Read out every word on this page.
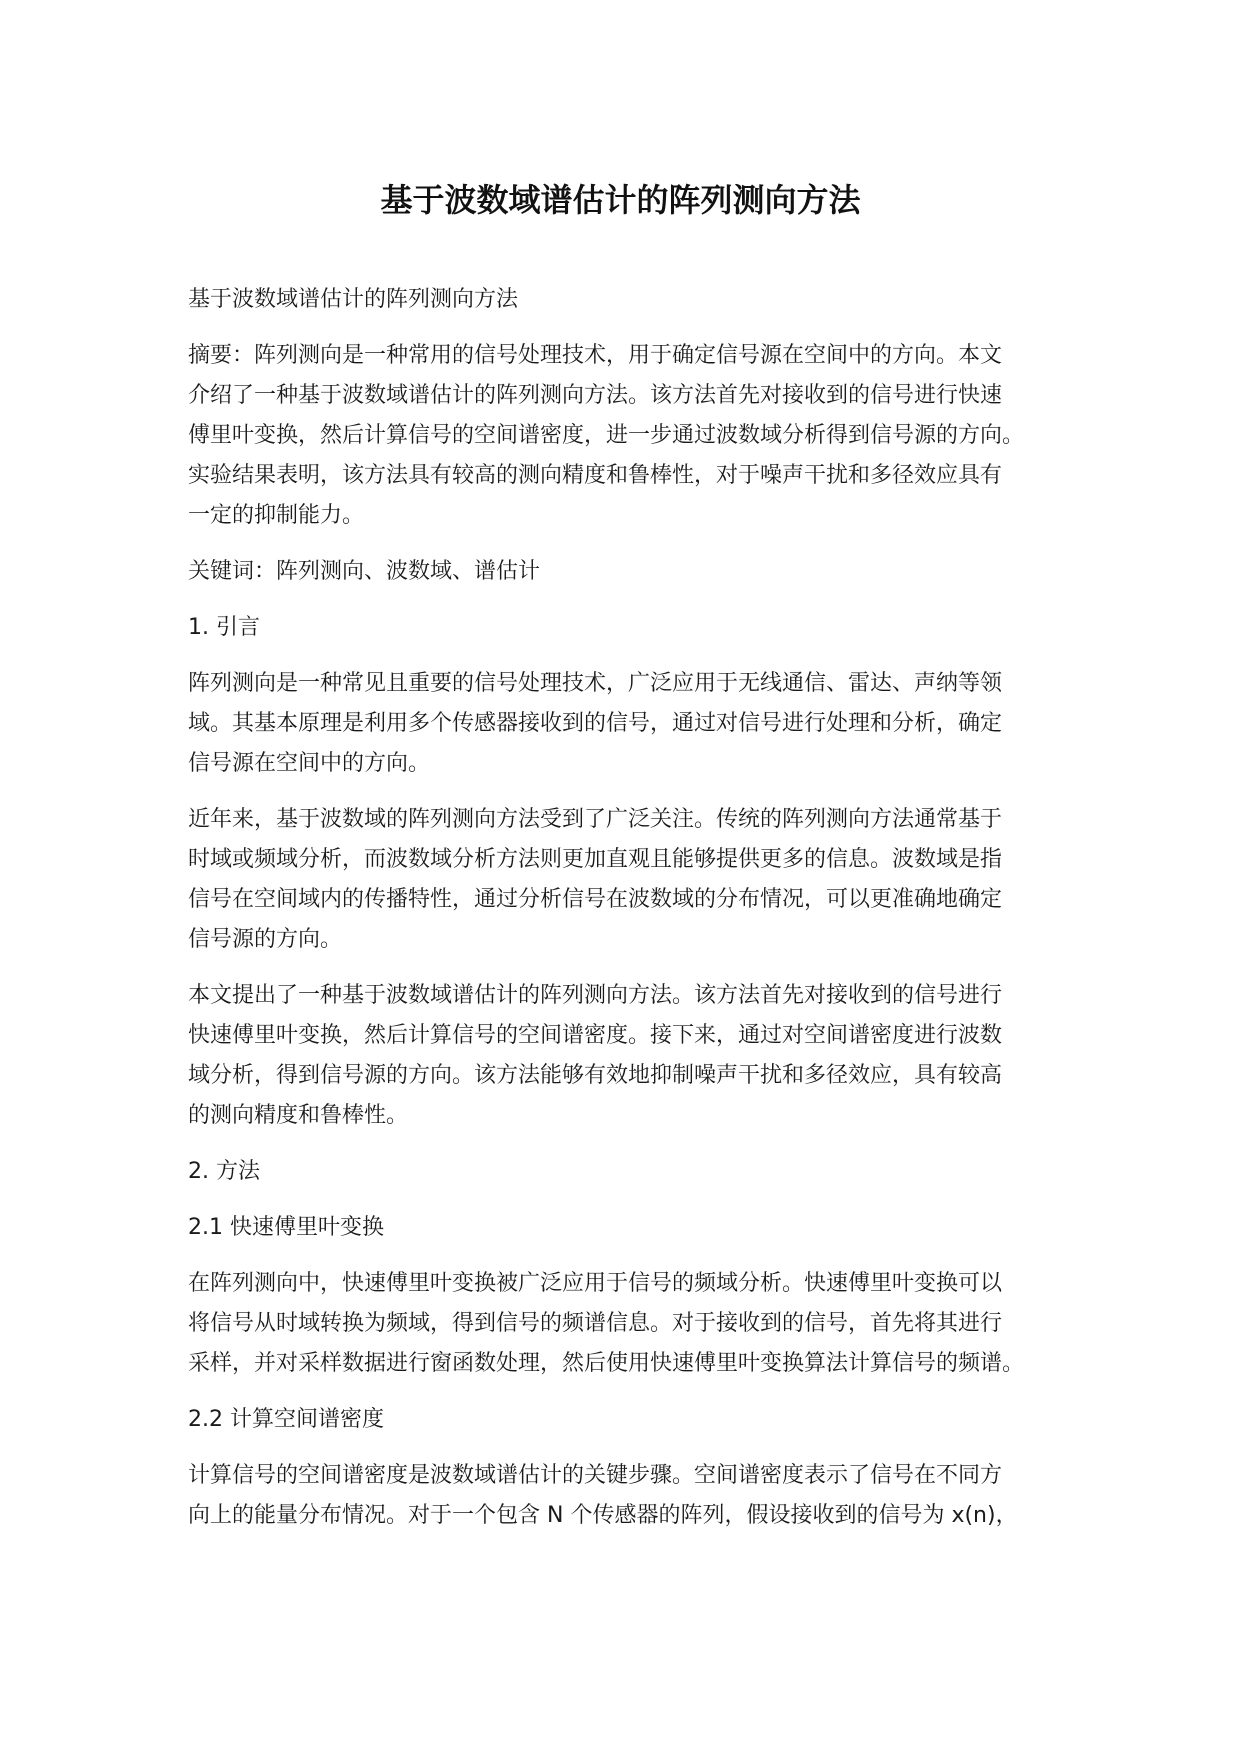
基于波数域谱估计的阵列测向方法
基于波数域谱估计的阵列测向方法
摘要：阵列测向是一种常用的信号处理技术，用于确定信号源在空间中的方向。本文
介绍了一种基于波数域谱估计的阵列测向方法。该方法首先对接收到的信号进行快速
傅里叶变换，然后计算信号的空间谱密度，进一步通过波数域分析得到信号源的方向。
实验结果表明，该方法具有较高的测向精度和鲁棒性，对于噪声干扰和多径效应具有
一定的抑制能力。
关键词：阵列测向、波数域、谱估计
1. 引言
阵列测向是一种常见且重要的信号处理技术，广泛应用于无线通信、雷达、声纳等领
域。其基本原理是利用多个传感器接收到的信号，通过对信号进行处理和分析，确定
信号源在空间中的方向。
近年来，基于波数域的阵列测向方法受到了广泛关注。传统的阵列测向方法通常基于
时域或频域分析，而波数域分析方法则更加直观且能够提供更多的信息。波数域是指
信号在空间域内的传播特性，通过分析信号在波数域的分布情况，可以更准确地确定
信号源的方向。
本文提出了一种基于波数域谱估计的阵列测向方法。该方法首先对接收到的信号进行
快速傅里叶变换，然后计算信号的空间谱密度。接下来，通过对空间谱密度进行波数
域分析，得到信号源的方向。该方法能够有效地抑制噪声干扰和多径效应，具有较高
的测向精度和鲁棒性。
2. 方法
2.1 快速傅里叶变换
在阵列测向中，快速傅里叶变换被广泛应用于信号的频域分析。快速傅里叶变换可以
将信号从时域转换为频域，得到信号的频谱信息。对于接收到的信号，首先将其进行
采样，并对采样数据进行窗函数处理，然后使用快速傅里叶变换算法计算信号的频谱。
2.2 计算空间谱密度
计算信号的空间谱密度是波数域谱估计的关键步骤。空间谱密度表示了信号在不同方
向上的能量分布情况。对于一个包含 N 个传感器的阵列，假设接收到的信号为 x(n)，
